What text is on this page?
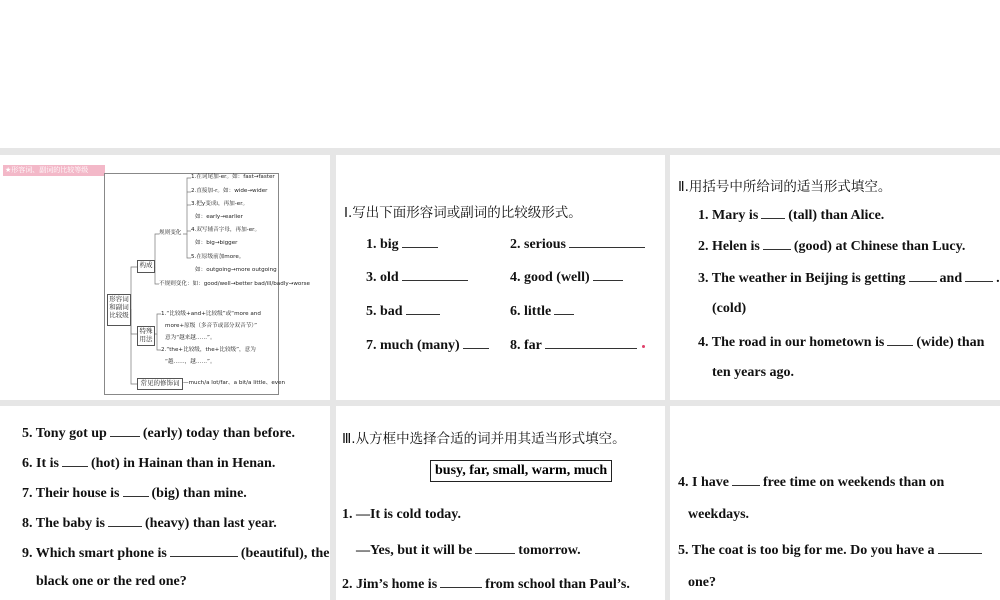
★形容词、副词的比较等级
形容词和副词比较级
构成
规则变化
不规则变化：如：good/well→better bad/ill/badly→worse
1.在词尾加-er。如：fast→faster
2.直接加-r。如：wide→wider
3.把y变成i，再加-er。
如：early→earlier
4.双写辅音字母，再加-er。
如：big→bigger
5.在原级前加more。
如：outgoing→more outgoing
特殊用法
1.“比较级+and+比较级”或“more and
more+原级（多音节或部分双音节）”
意为“越来越……”。
2.“the+比较级，the+比较级”，意为
“越……，越……”。
常见的修饰词 —much/a lot/far、a bit/a little、even
Ⅰ.写出下面形容词或副词的比较级形式。
1. big	2. serious
3. old	4. good (well)
5. bad	6. little
7. much (many)	8. far
Ⅱ.用括号中所给词的适当形式填空。
1. Mary is (tall) than Alice.
2. Helen is (good) at Chinese than Lucy.
3. The weather in Beijing is getting and .
(cold)
4. The road in our hometown is (wide) than
ten years ago.
5. Tony got up	(early) today than before.
6. It is (hot) in Hainan than in Henan.
7. Their house is (big) than mine.
8. The baby is	(heavy) than last year.
9. Which smart phone is	(beautiful), the
black one or the red one?
Ⅲ.从方框中选择合适的词并用其适当形式填空。
busy, far, small, warm, much
1. —It is cold today.
—Yes, but it will be	tomorrow.
2. Jim’s home is	from school than Paul’s.
4. I have free time on weekends than on
weekdays.
5. The coat is too big for me. Do you have a
one?
